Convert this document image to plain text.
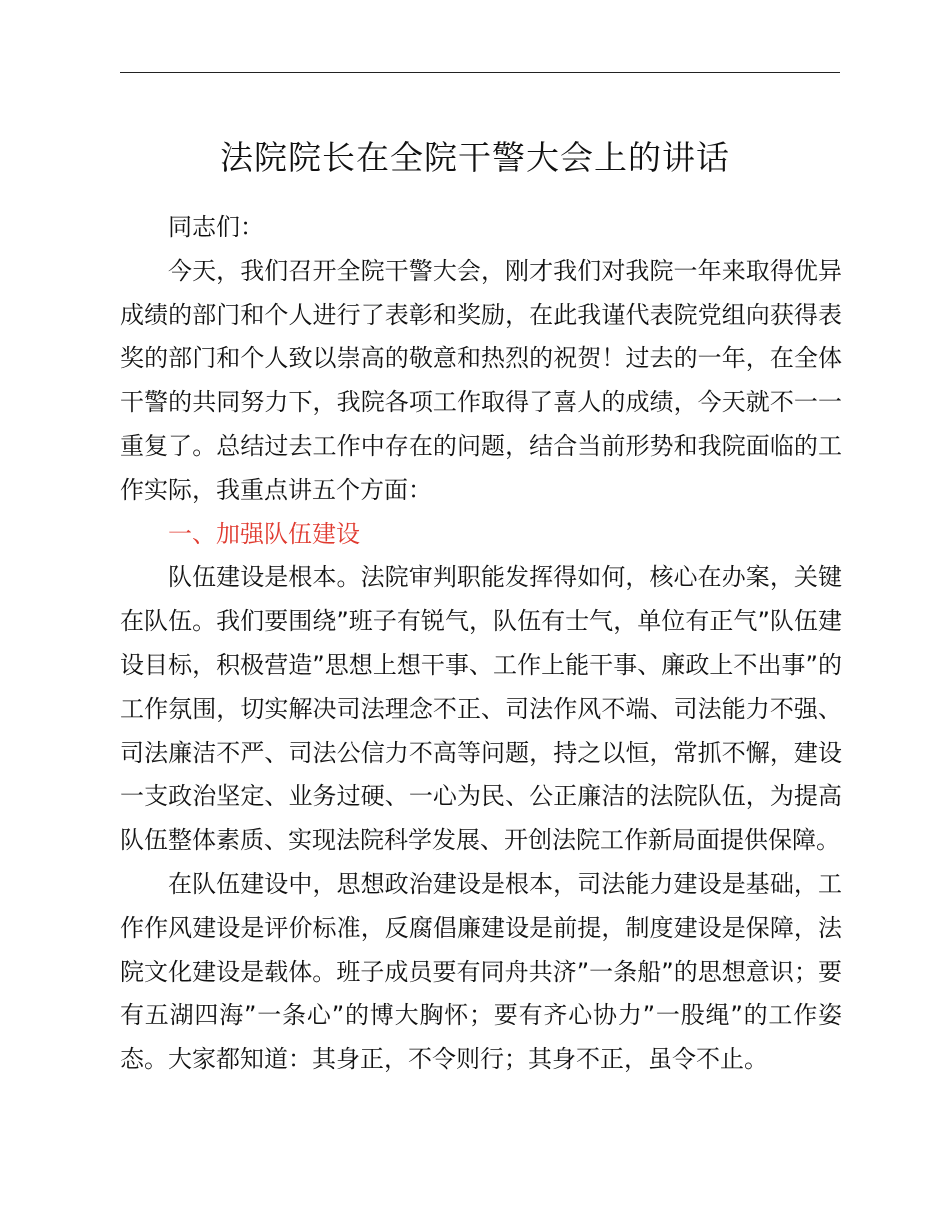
法院院长在全院干警大会上的讲话

同志们：

今天，我们召开全院干警大会，刚才我们对我院一年来取得优异成绩的部门和个人进行了表彰和奖励，在此我谨代表院党组向获得表奖的部门和个人致以崇高的敬意和热烈的祝贺！过去的一年，在全体干警的共同努力下，我院各项工作取得了喜人的成绩，今天就不一一重复了。总结过去工作中存在的问题，结合当前形势和我院面临的工作实际，我重点讲五个方面：

一、加强队伍建设

队伍建设是根本。法院审判职能发挥得如何，核心在办案，关键在队伍。我们要围绕”班子有锐气，队伍有士气，单位有正气”队伍建设目标，积极营造”思想上想干事、工作上能干事、廉政上不出事”的工作氛围，切实解决司法理念不正、司法作风不端、司法能力不强、司法廉洁不严、司法公信力不高等问题，持之以恒，常抓不懈，建设一支政治坚定、业务过硬、一心为民、公正廉洁的法院队伍，为提高队伍整体素质、实现法院科学发展、开创法院工作新局面提供保障。

在队伍建设中，思想政治建设是根本，司法能力建设是基础，工作作风建设是评价标准，反腐倡廉建设是前提，制度建设是保障，法院文化建设是载体。班子成员要有同舟共济”一条船”的思想意识；要有五湖四海”一条心”的博大胸怀；要有齐心协力”一股绳”的工作姿态。大家都知道：其身正，不令则行；其身不正，虽令不止。
